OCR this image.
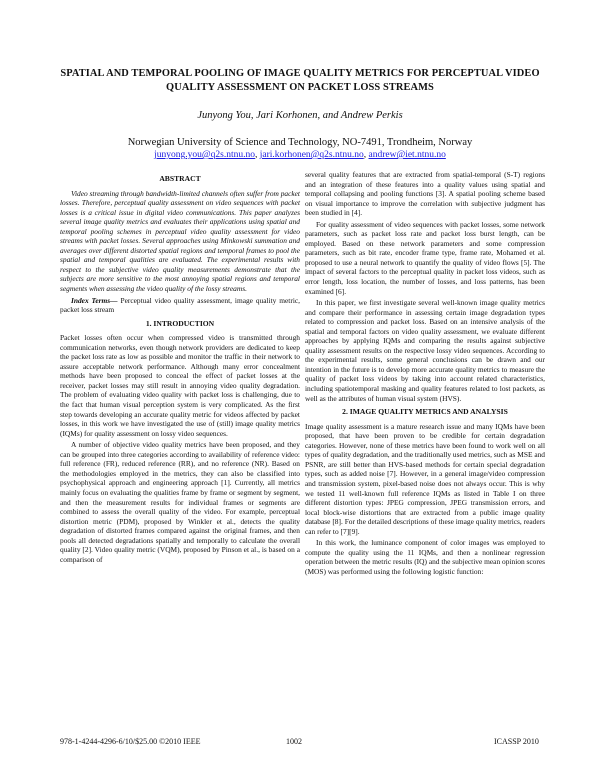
SPATIAL AND TEMPORAL POOLING OF IMAGE QUALITY METRICS FOR PERCEPTUAL VIDEO QUALITY ASSESSMENT ON PACKET LOSS STREAMS
Junyong You, Jari Korhonen, and Andrew Perkis
Norwegian University of Science and Technology, NO-7491, Trondheim, Norway
junyong.you@q2s.ntnu.no, jari.korhonen@q2s.ntnu.no, andrew@iet.ntnu.no
ABSTRACT

Video streaming through bandwidth-limited channels often suffer from packet losses. Therefore, perceptual quality assessment on video sequences with packet losses is a critical issue in digital video communications. This paper analyzes several image quality metrics and evaluates their applications using spatial and temporal pooling schemes in perceptual video quality assessment for video streams with packet losses. Several approaches using Minkowski summation and averages over different distorted spatial regions and temporal frames to pool the spatial and temporal qualities are evaluated. The experimental results with respect to the subjective video quality measurements demonstrate that the subjects are more sensitive to the most annoying spatial regions and temporal segments when assessing the video quality of the lossy streams.

Index Terms— Perceptual video quality assessment, image quality metric, packet loss stream

1. INTRODUCTION

Packet losses often occur when compressed video is transmitted through communication networks, even though network providers are dedicated to keep the packet loss rate as low as possible and monitor the traffic in their network to assure acceptable network performance. Although many error concealment methods have been proposed to conceal the effect of packet losses at the receiver, packet losses may still result in annoying video quality degradation. The problem of evaluating video quality with packet loss is challenging, due to the fact that human visual perception system is very complicated. As the first step towards developing an accurate quality metric for videos affected by packet losses, in this work we have investigated the use of (still) image quality metrics (IQMs) for quality assessment on lossy video sequences.

A number of objective video quality metrics have been proposed, and they can be grouped into three categories according to availability of reference video: full reference (FR), reduced reference (RR), and no reference (NR). Based on the methodologies employed in the metrics, they can also be classified into psychophysical approach and engineering approach [1]. Currently, all metrics mainly focus on evaluating the qualities frame by frame or segment by segment, and then the measurement results for individual frames or segments are combined to assess the overall quality of the video. For example, perceptual distortion metric (PDM), proposed by Winkler et al., detects the quality degradation of distorted frames compared against the original frames, and then pools all detected degradations spatially and temporally to calculate the overall quality [2]. Video quality metric (VQM), proposed by Pinson et al., is based on a comparison of

several quality features that are extracted from spatial-temporal (S-T) regions and an integration of these features into a quality values using spatial and temporal collapsing and pooling functions [3]. A spatial pooling scheme based on visual importance to improve the correlation with subjective judgment has been studied in [4].

For quality assessment of video sequences with packet losses, some network parameters, such as packet loss rate and packet loss burst length, can be employed. Based on these network parameters and some compression parameters, such as bit rate, encoder frame type, frame rate, Mohamed et al. proposed to use a neural network to quantify the quality of video flows [5]. The impact of several factors to the perceptual quality in packet loss videos, such as error length, loss location, the number of losses, and loss patterns, has been examined [6].

In this paper, we first investigate several well-known image quality metrics and compare their performance in assessing certain image degradation types related to compression and packet loss. Based on an intensive analysis of the spatial and temporal factors on video quality assessment, we evaluate different approaches by applying IQMs and comparing the results against subjective quality assessment results on the respective lossy video sequences. According to the experimental results, some general conclusions can be drawn and our intention in the future is to develop more accurate quality metrics to measure the quality of packet loss videos by taking into account related characteristics, including spatiotemporal masking and quality features related to lost packets, as well as the attributes of human visual system (HVS).

2. IMAGE QUALITY METRICS AND ANALYSIS

Image quality assessment is a mature research issue and many IQMs have been proposed, that have been proven to be credible for certain degradation categories. However, none of these metrics have been found to work well on all types of quality degradation, and the traditionally used metrics, such as MSE and PSNR, are still better than HVS-based methods for certain special degradation types, such as added noise [7]. However, in a general image/video compression and transmission system, pixel-based noise does not always occur. This is why we tested 11 well-known full reference IQMs as listed in Table I on three different distortion types: JPEG compression, JPEG transmission errors, and local block-wise distortions that are extracted from a public image quality database [8]. For the detailed descriptions of these image quality metrics, readers can refer to [7][9].

In this work, the luminance component of color images was employed to compute the quality using the 11 IQMs, and then a nonlinear regression operation between the metric results (IQ) and the subjective mean opinion scores (MOS) was performed using the following logistic function:

978-1-4244-4296-6/10/$25.00 ©2010 IEEE	1002	ICASSP 2010
